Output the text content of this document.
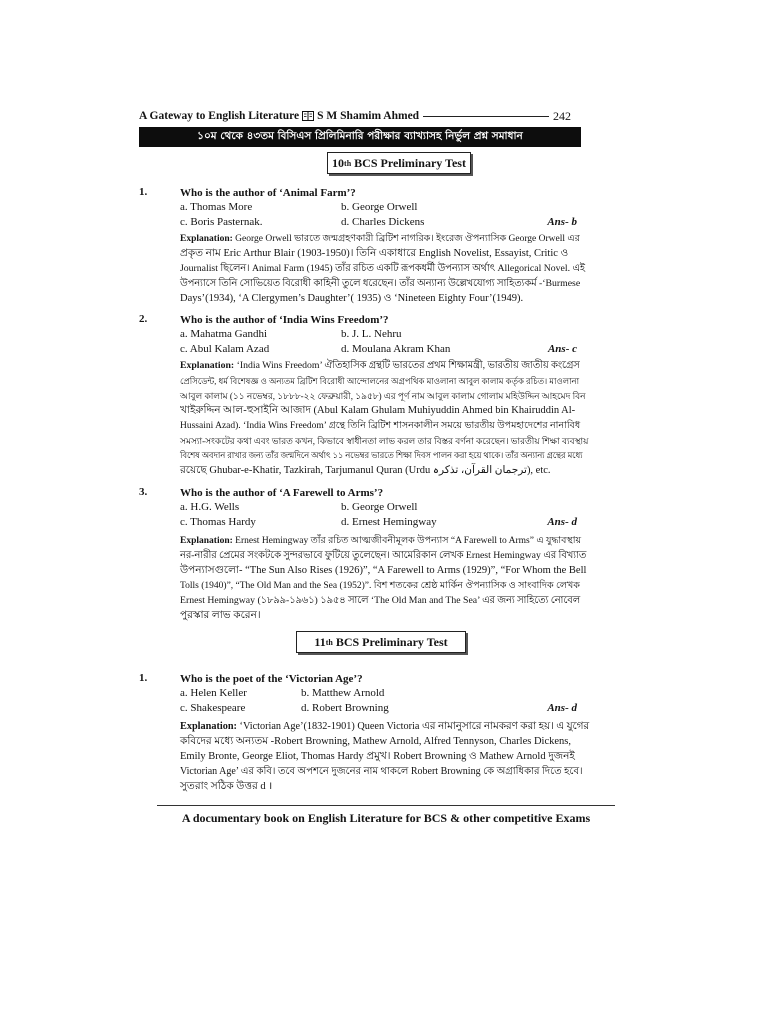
A Gateway to English Literature S M Shamim Ahmed	242
১০ম থেকে ৪৩তম বিসিএস প্রিলিমিনারি পরীক্ষার ব্যাখ্যাসহ নির্ভুল প্রশ্ন সমাধান
10 th BCS Preliminary Test
1.	Who is the author of ‘Animal Farm’?
a. Thomas More	b. George Orwell
c. Boris Pasternak.	d. Charles Dickens	Ans- b
Explanation: George Orwell ভারতে জন্মগ্রহণকারী ব্রিটিশ নাগরিক। ইংরেজ ঔপন্যাসিক George Orwell এর
প্রকৃত নাম Eric Arthur Blair (1903-1950)। তিনি একাধারে English Novelist, Essayist, Critic ও
Journalist ছিলেন। Animal Farm (1945) তাঁর রচিত একটি রূপকধর্মী উপন্যাস অর্থাৎ Allegorical Novel. এই
উপন্যাসে তিনি সোভিয়েত বিরোধী কাহিনী তুলে ধরেছেন। তাঁর অন্যান্য উল্লেখযোগ্য সাহিত্যকর্ম -‘Burmese
Days’(1934), ‘A Clergymen’s Daughter’( 1935) ও ‘Nineteen Eighty Four’(1949).
2.	Who is the author of ‘India Wins Freedom’?
a. Mahatma Gandhi	b. J. L. Nehru
c. Abul Kalam Azad	d. Moulana Akram Khan	Ans- c
Explanation: ‘India Wins Freedom’ ঐতিহাসিক গ্রন্থটি ভারতের প্রথম শিক্ষামন্ত্রী, ভারতীয় জাতীয় কংগ্রেস
প্রেসিডেন্ট, ধর্ম বিশেষজ্ঞ ও অন্যতম ব্রিটিশ বিরোধী আন্দোলনের অগ্রপথিক মাওলানা আবুল কালাম কর্তৃক রচিত। মাওলানা
আবুল কালাম (১১ নভেম্বর, ১৮৮৮-২২ ফেব্রুয়ারী, ১৯৫৮) এর পূর্ণ নাম আবুল কালাম গোলাম মহিউদ্দিন আহমেদ বিন
খাইরুদ্দিন আল-হুসাইনি আজাদ (Abul Kalam Ghulam Muhiyuddin Ahmed bin Khairuddin Al-
Hussaini Azad). ‘India Wins Freedom’ গ্রন্থে তিনি ব্রিটিশ শাসনকালীন সময়ে ভারতীয় উপমহাদেশের নানাবিধ
সমস্যা-সংকটের কথা এবং ভারত কখন, কিভাবে স্বাধীনতা লাভ করল তার বিস্তর বর্ণনা করেছেন। ভারতীয় শিক্ষা ব্যবস্থায়
বিশেষ অবদান রাখার জন্য তাঁর জন্মদিনে অর্থাৎ ১১ নভেম্বর ভারতে শিক্ষা দিবস পালন করা হয়ে থাকে। তাঁর অন্যান্য গ্রন্থের মধ্যে
রয়েছে Ghubar-e-Khatir, Tazkirah, Tarjumanul Quran (Urdu ترجمان القرآن، تذکرہ), etc.
3.	Who is the author of ‘A Farewell to Arms’?
a. H.G. Wells	b. George Orwell
c. Thomas Hardy	d. Ernest Hemingway	Ans- d
Explanation: Ernest Hemingway তাঁর রচিত আত্মজীবনীমূলক উপন্যাস “A Farewell to Arms” এ যুদ্ধাবস্থায়
নর-নারীর প্রেমের সংকটকে সুন্দরভাবে ফুটিয়ে তুলেছেন। আমেরিকান লেখক Ernest Hemingway এর বিখ্যাত
উপন্যাসগুলো- “The Sun Also Rises (1926)”, “A Farewell to Arms (1929)”, “For Whom the Bell
Tolls (1940)”, “The Old Man and the Sea (1952)”. বিশ শতকের শ্রেষ্ঠ মার্কিন ঔপন্যাসিক ও সাংবাদিক লেখক
Ernest Hemingway (১৮৯৯-১৯৬১) ১৯৫৪ সালে ‘The Old Man and The Sea’ এর জন্য সাহিত্যে নোবেল
পুরস্কার লাভ করেন।
11 th BCS Preliminary Test
1.	Who is the poet of the ‘Victorian Age’?
a. Helen Keller	b. Matthew Arnold
c. Shakespeare	d. Robert Browning	Ans- d
Explanation: ‘Victorian Age’(1832-1901) Queen Victoria এর নামানুসারে নামকরণ করা হয়। এ যুগের
কবিদের মধ্যে অন্যতম -Robert Browning, Mathew Arnold, Alfred Tennyson, Charles Dickens,
Emily Bronte, George Eliot, Thomas Hardy প্রমুখ। Robert Browning ও Mathew Arnold দুজনই
Victorian Age’ এর কবি। তবে অপশনে দুজনের নাম থাকলে Robert Browning কে অগ্রাধিকার দিতে হবে।
সুতরাং সঠিক উত্তর d ।
A documentary book on English Literature for BCS & other competitive Exams
